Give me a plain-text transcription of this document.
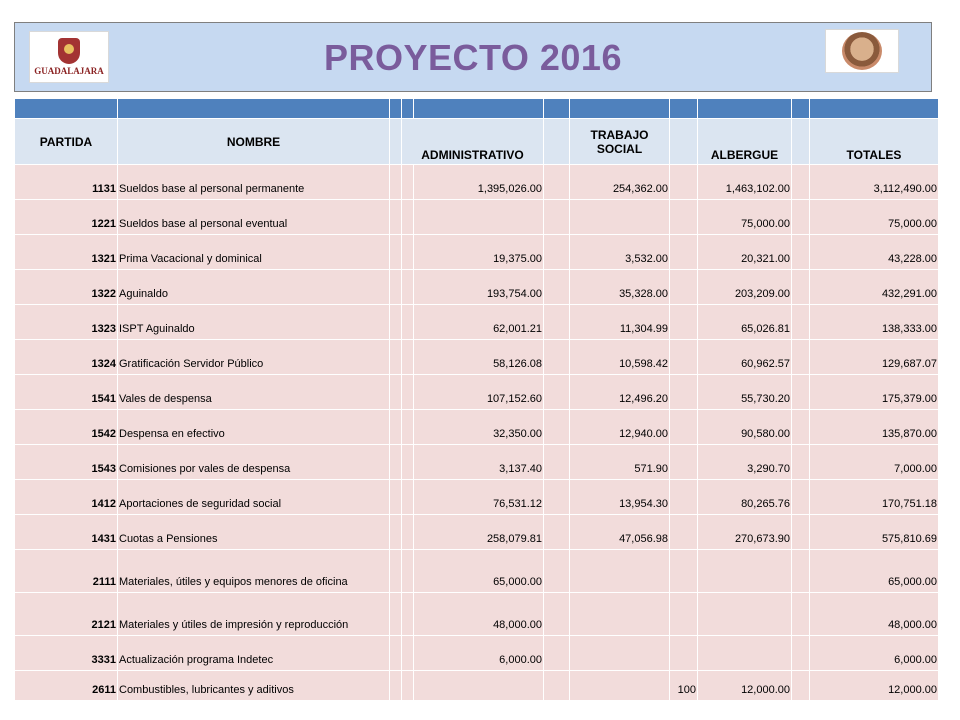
GUADALAJARA	PROYECTO 2016

PARTIDA	NOMBRE		ADMINISTRATIVO			TRABAJO SOCIAL		ALBERGUE		TOTALES
1131	Sueldos base al personal permanente			1,395,026.00		254,362.00		1,463,102.00		3,112,490.00
1221	Sueldos base al personal eventual							75,000.00		75,000.00
1321	Prima Vacacional y dominical			19,375.00		3,532.00		20,321.00		43,228.00
1322	Aguinaldo			193,754.00		35,328.00		203,209.00		432,291.00
1323	ISPT Aguinaldo			62,001.21		11,304.99		65,026.81		138,333.00
1324	Gratificación Servidor Público			58,126.08		10,598.42		60,962.57		129,687.07
1541	Vales de despensa			107,152.60		12,496.20		55,730.20		175,379.00
1542	Despensa en efectivo			32,350.00		12,940.00		90,580.00		135,870.00
1543	Comisiones por vales de despensa			3,137.40		571.90		3,290.70		7,000.00
1412	Aportaciones de seguridad social			76,531.12		13,954.30		80,265.76		170,751.18
1431	Cuotas a Pensiones			258,079.81		47,056.98		270,673.90		575,810.69
2111	Materiales, útiles y equipos menores de oficina			65,000.00						65,000.00
2121	Materiales y útiles de impresión y reproducción			48,000.00						48,000.00
3331	Actualización programa Indetec			6,000.00						6,000.00
2611	Combustibles, lubricantes y aditivos						100	12,000.00		12,000.00
